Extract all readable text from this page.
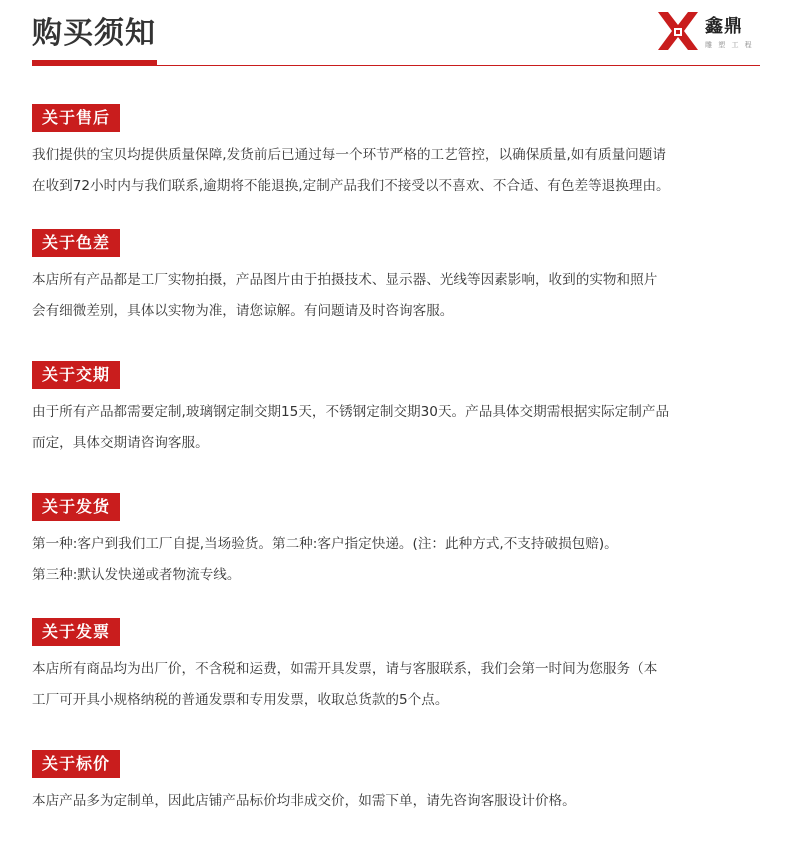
购买须知	鑫鼎
雕 塑 工 程
关于售后

我们提供的宝贝均提供质量保障,发货前后已通过每一个环节严格的工艺管控，以确保质量,如有质量问题请

在收到72小时内与我们联系,逾期将不能退换,定制产品我们不接受以不喜欢、不合适、有色差等退换理由。

关于色差

本店所有产品都是工厂实物拍摄，产品图片由于拍摄技术、显示器、光线等因素影响，收到的实物和照片

会有细微差别，具体以实物为准，请您谅解。有问题请及时咨询客服。

关于交期

由于所有产品都需要定制,玻璃钢定制交期15天，不锈钢定制交期30天。产品具体交期需根据实际定制产品

而定，具体交期请咨询客服。

关于发货

第一种:客户到我们工厂自提,当场验货。第二种:客户指定快递。(注：此种方式,不支持破损包赔)。

第三种:默认发快递或者物流专线。

关于发票

本店所有商品均为出厂价，不含税和运费，如需开具发票，请与客服联系，我们会第一时间为您服务（本

工厂可开具小规格纳税的普通发票和专用发票，收取总货款的5个点。

关于标价

本店产品多为定制单，因此店铺产品标价均非成交价，如需下单，请先咨询客服设计价格。
